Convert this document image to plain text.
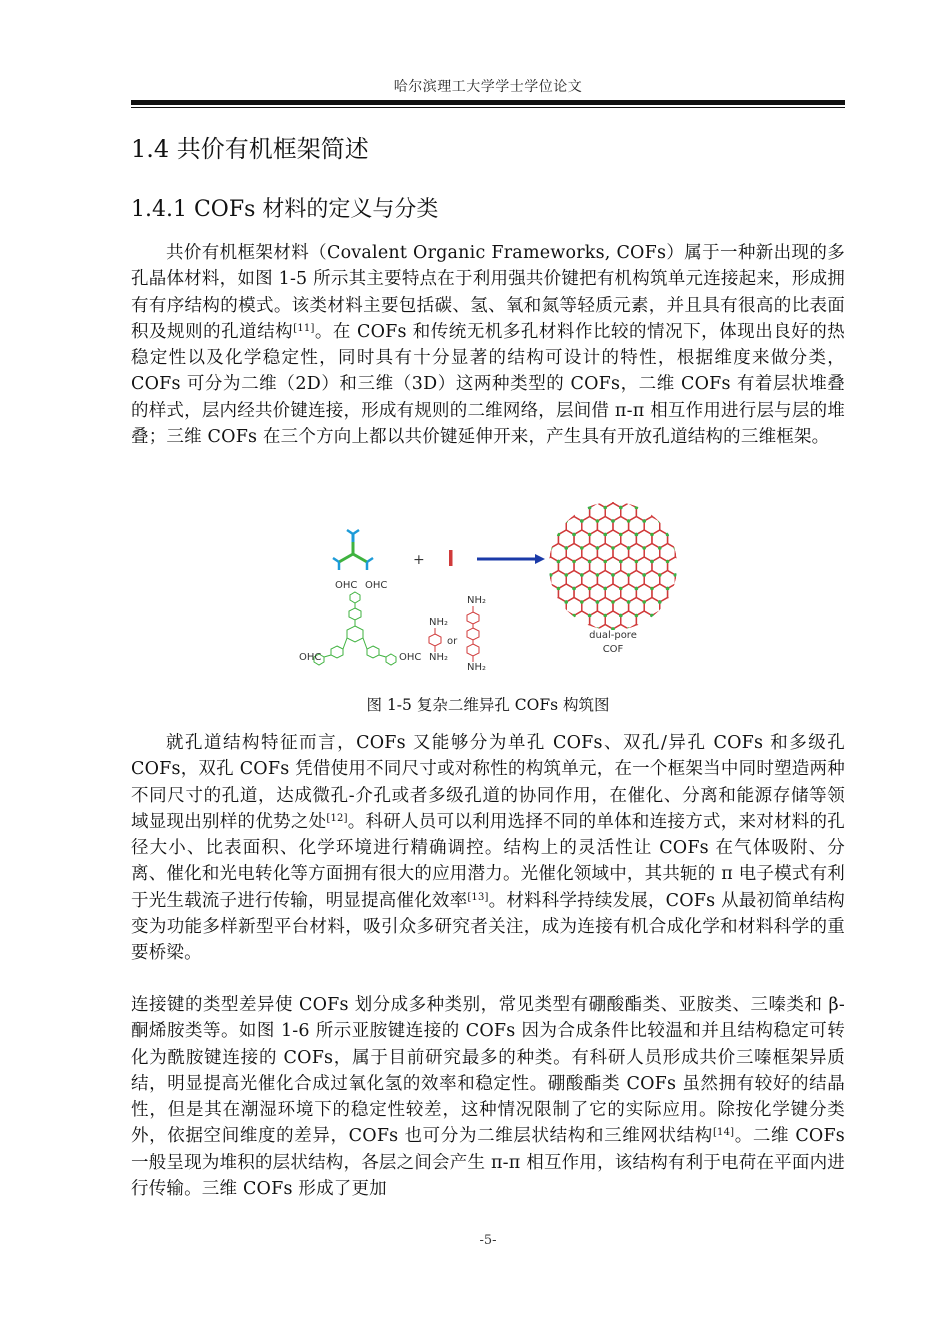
哈尔滨理工大学学士学位论文
1.4 共价有机框架简述
1.4.1 COFs 材料的定义与分类

共价有机框架材料（Covalent Organic Frameworks, COFs）属于一种新出现的多孔晶体材料，如图 1-5 所示其主要特点在于利用强共价键把有机构筑单元连接起来，形成拥有有序结构的模式。该类材料主要包括碳、氢、氧和氮等轻质元素，并且具有很高的比表面积及规则的孔道结构[11]。在 COFs 和传统无机多孔材料作比较的情况下，体现出良好的热稳定性以及化学稳定性，同时具有十分显著的结构可设计的特性，根据维度来做分类，COFs 可分为二维（2D）和三维（3D）这两种类型的 COFs，二维 COFs 有着层状堆叠的样式，层内经共价键连接，形成有规则的二维网络，层间借 π-π 相互作用进行层与层的堆叠；三维 COFs 在三个方向上都以共价键延伸开来，产生具有开放孔道结构的三维框架。

+
dual-pore
COF
OHC OHC
OHC	OHC
NH₂
NH₂
NH₂
NH₂
or
图 1-5 复杂二维异孔 COFs 构筑图

就孔道结构特征而言，COFs 又能够分为单孔 COFs、双孔/异孔 COFs 和多级孔 COFs，双孔 COFs 凭借使用不同尺寸或对称性的构筑单元，在一个框架当中同时塑造两种不同尺寸的孔道，达成微孔-介孔或者多级孔道的协同作用，在催化、分离和能源存储等领域显现出别样的优势之处[12]。科研人员可以利用选择不同的单体和连接方式，来对材料的孔径大小、比表面积、化学环境进行精确调控。结构上的灵活性让 COFs 在气体吸附、分离、催化和光电转化等方面拥有很大的应用潜力。光催化领域中，其共轭的 π 电子模式有利于光生载流子进行传输，明显提高催化效率[13]。材料科学持续发展，COFs 从最初简单结构变为功能多样新型平台材料，吸引众多研究者关注，成为连接有机合成化学和材料科学的重要桥梁。

连接键的类型差异使 COFs 划分成多种类别，常见类型有硼酸酯类、亚胺类、三嗪类和 β-酮烯胺类等。如图 1-6 所示亚胺键连接的 COFs 因为合成条件比较温和并且结构稳定可转化为酰胺键连接的 COFs，属于目前研究最多的种类。有科研人员形成共价三嗪框架异质结，明显提高光催化合成过氧化氢的效率和稳定性。硼酸酯类 COFs 虽然拥有较好的结晶性，但是其在潮湿环境下的稳定性较差，这种情况限制了它的实际应用。除按化学键分类外，依据空间维度的差异，COFs 也可分为二维层状结构和三维网状结构[14]。二维 COFs 一般呈现为堆积的层状结构，各层之间会产生 π-π 相互作用，该结构有利于电荷在平面内进行传输。三维 COFs 形成了更加

-5-
